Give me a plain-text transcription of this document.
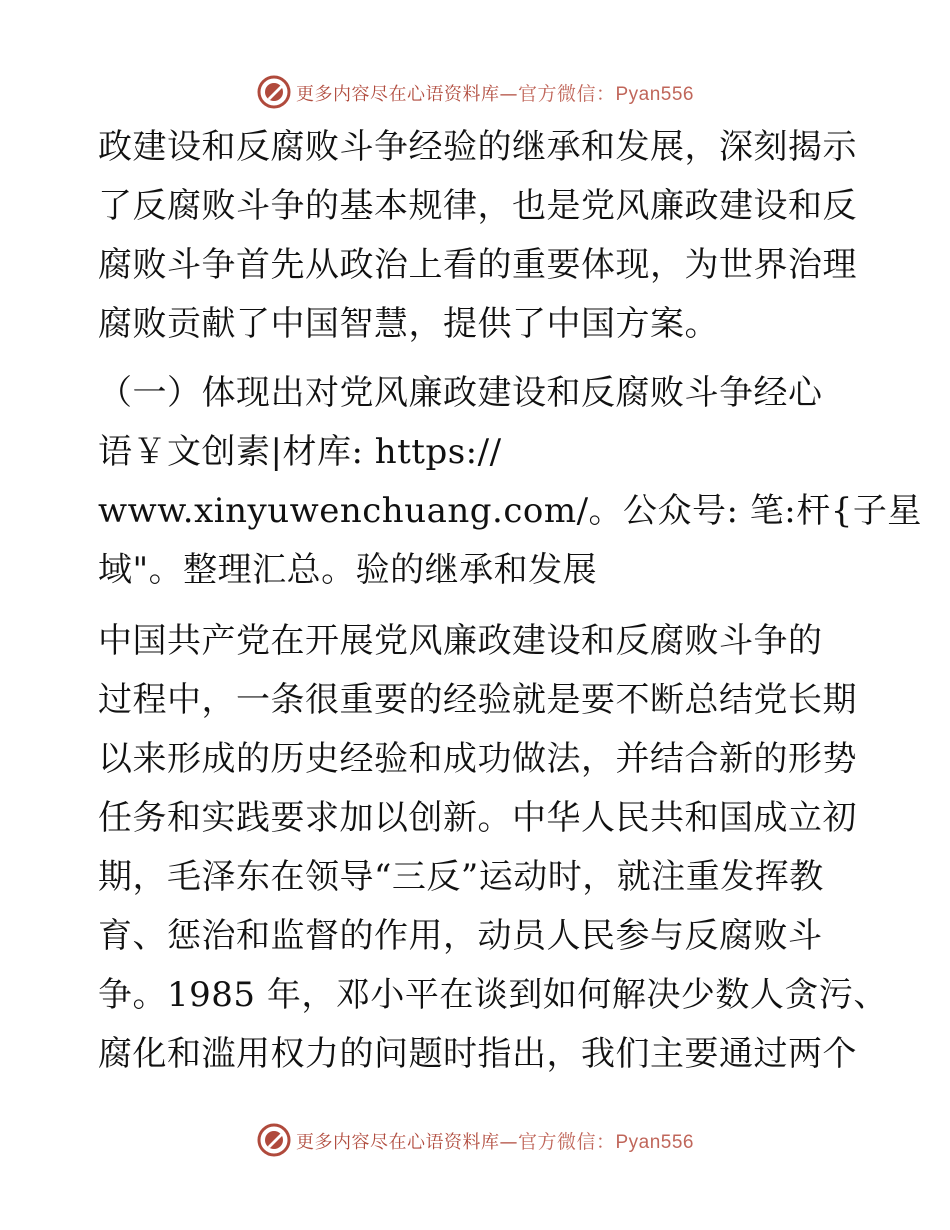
更多内容尽在心语资料库—官方微信：Pyan556
政建设和反腐败斗争经验的继承和发展，深刻揭示
了反腐败斗争的基本规律，也是党风廉政建设和反
腐败斗争首先从政治上看的重要体现，为世界治理
腐败贡献了中国智慧，提供了中国方案。
（一）体现出对党风廉政建设和反腐败斗争经心
语￥文创素|材库: https://
www.xinyuwenchuang.com/。公众号: 笔:杆{子星
域"。整理汇总。验的继承和发展
中国共产党在开展党风廉政建设和反腐败斗争的
过程中，一条很重要的经验就是要不断总结党长期
以来形成的历史经验和成功做法，并结合新的形势
任务和实践要求加以创新。中华人民共和国成立初
期，毛泽东在领导“三反”运动时，就注重发挥教
育、惩治和监督的作用，动员人民参与反腐败斗
争。1985 年，邓小平在谈到如何解决少数人贪污、
腐化和滥用权力的问题时指出，我们主要通过两个
更多内容尽在心语资料库—官方微信：Pyan556
